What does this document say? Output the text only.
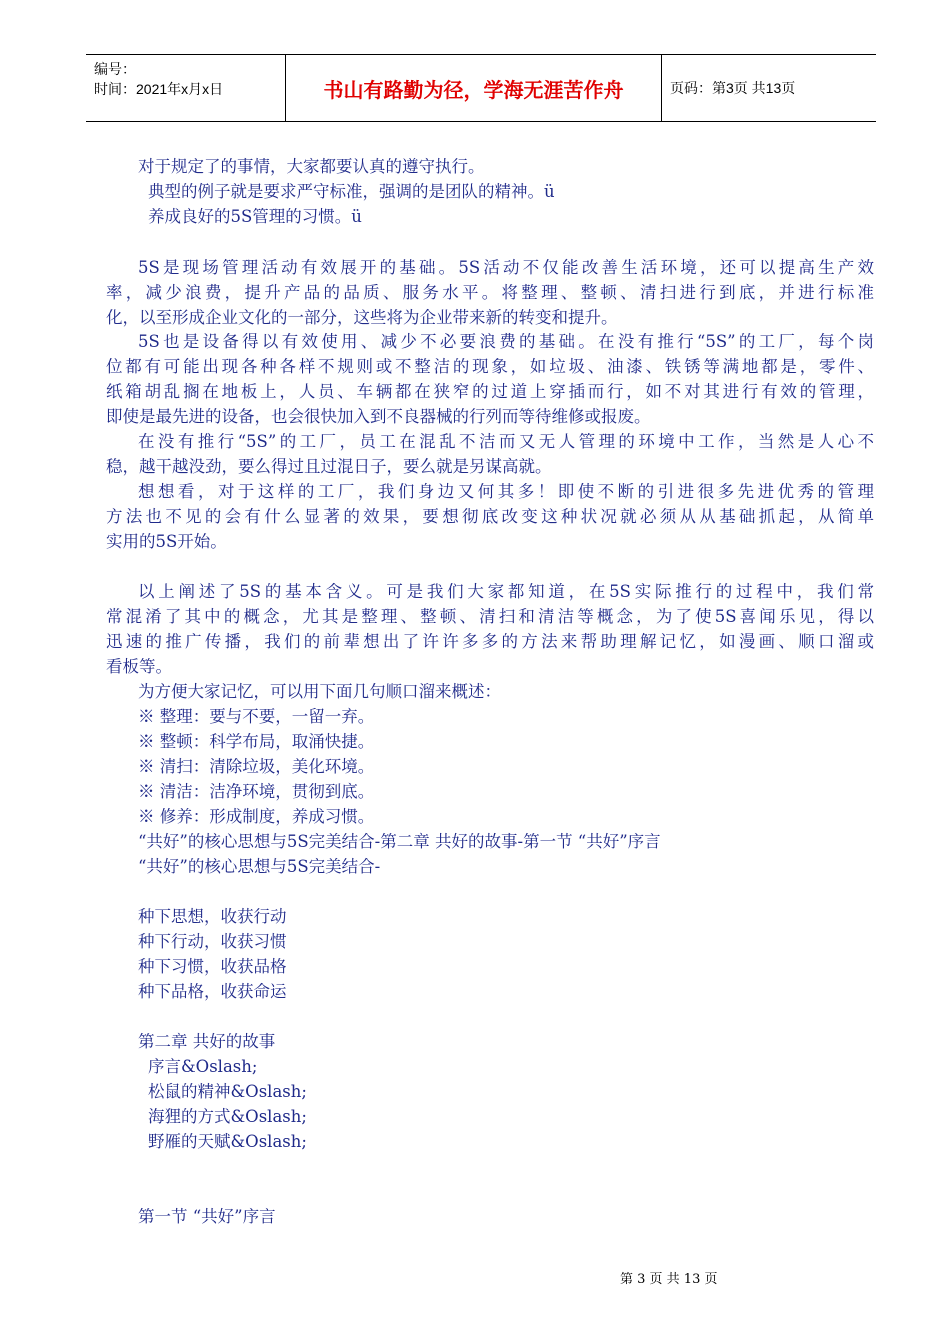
编号：
时间：2021年x月x日	书山有路勤为径，学海无涯苦作舟	页码：第3页 共13页
对于规定了的事情，大家都要认真的遵守执行。
典型的例子就是要求严守标准，强调的是团队的精神。ü
养成良好的5S管理的习惯。ü
5S是现场管理活动有效展开的基础。5S活动不仅能改善生活环境，还可以提高生产效
率，减少浪费，提升产品的品质、服务水平。将整理、整顿、清扫进行到底，并进行标准
化，以至形成企业文化的一部分，这些将为企业带来新的转变和提升。
5S也是设备得以有效使用、减少不必要浪费的基础。在没有推行“5S”的工厂，每个岗
位都有可能出现各种各样不规则或不整洁的现象，如垃圾、油漆、铁锈等满地都是，零件、
纸箱胡乱搁在地板上，人员、车辆都在狭窄的过道上穿插而行，如不对其进行有效的管理，
即使是最先进的设备，也会很快加入到不良器械的行列而等待维修或报废。
在没有推行“5S”的工厂，员工在混乱不洁而又无人管理的环境中工作，当然是人心不
稳，越干越没劲，要么得过且过混日子，要么就是另谋高就。
想想看，对于这样的工厂，我们身边又何其多！即使不断的引进很多先进优秀的管理
方法也不见的会有什么显著的效果，要想彻底改变这种状况就必须从从基础抓起，从简单
实用的5S开始。
以上阐述了5S的基本含义。可是我们大家都知道，在5S实际推行的过程中，我们常
常混淆了其中的概念，尤其是整理、整顿、清扫和清洁等概念，为了使5S喜闻乐见，得以
迅速的推广传播，我们的前辈想出了许许多多的方法来帮助理解记忆，如漫画、顺口溜或
看板等。
为方便大家记忆，可以用下面几句顺口溜来概述：
※ 整理：要与不要，一留一弃。
※ 整顿：科学布局，取涌快捷。
※ 清扫：清除垃圾，美化环境。
※ 清洁：洁净环境，贯彻到底。
※ 修养：形成制度，养成习惯。
“共好”的核心思想与5S完美结合-第二章 共好的故事-第一节 “共好”序言
“共好”的核心思想与5S完美结合-
种下思想，收获行动
种下行动，收获习惯
种下习惯，收获品格
种下品格，收获命运
第二章 共好的故事
序言&Oslash;
松鼠的精神&Oslash;
海狸的方式&Oslash;
野雁的天赋&Oslash;
第一节 “共好”序言
第 3 页 共 13 页
